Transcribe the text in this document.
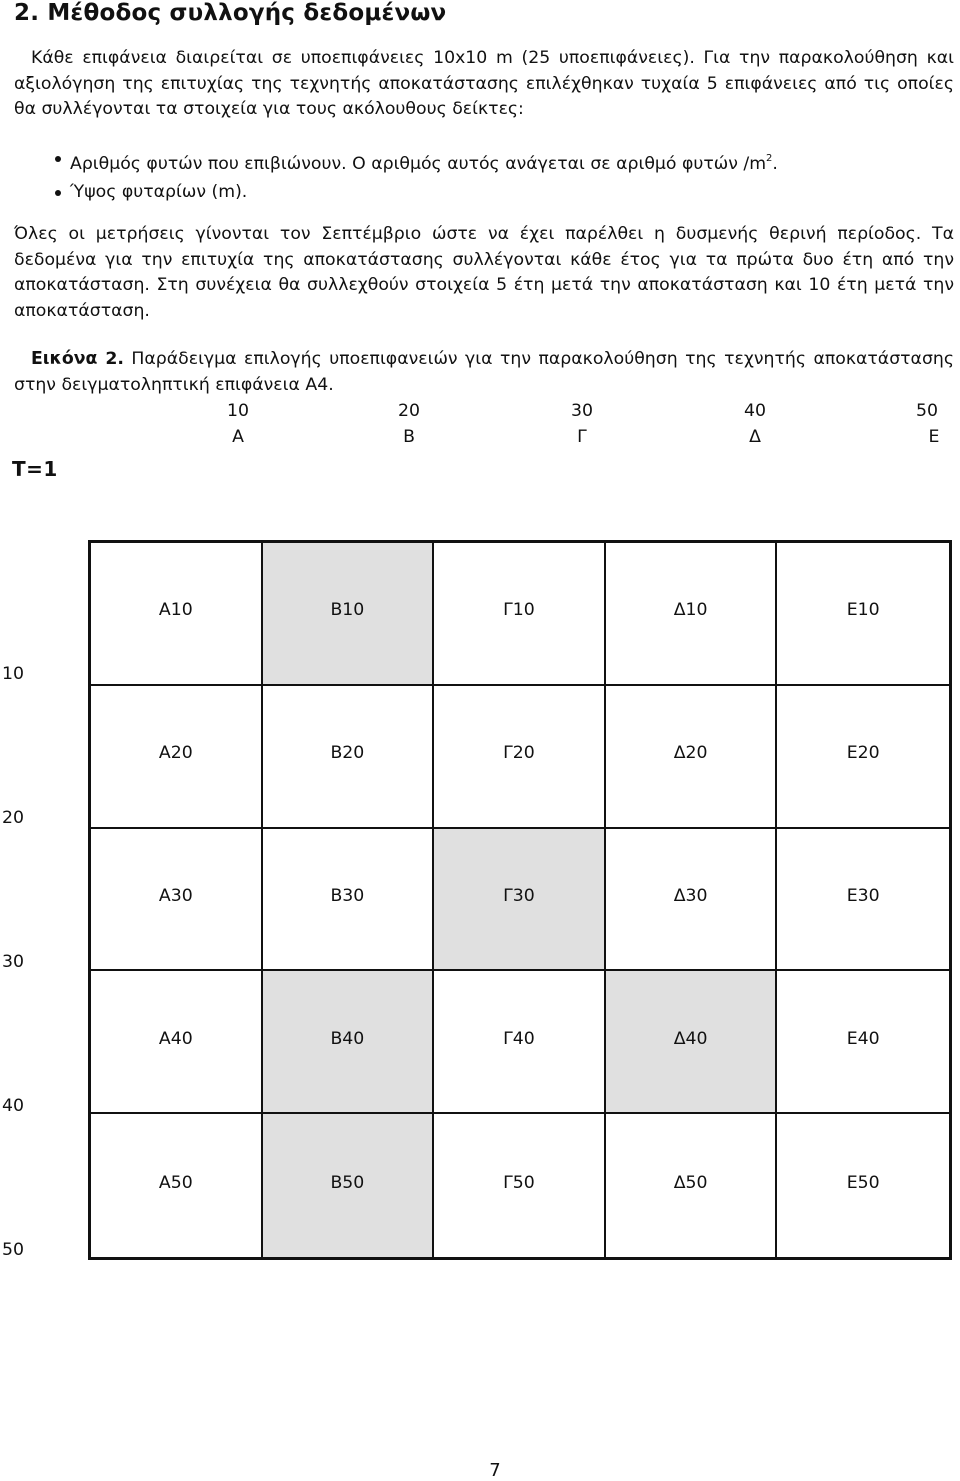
2. Μέθοδος συλλογής δεδομένων
Κάθε επιφάνεια διαιρείται σε υποεπιφάνειες 10x10 m (25 υποεπιφάνειες). Για την παρακολούθηση και αξιολόγηση της επιτυχίας της τεχνητής αποκατάστασης επιλέχθηκαν τυχαία 5 επιφάνειες από τις οποίες θα συλλέγονται τα στοιχεία για τους ακόλουθους δείκτες:
Αριθμός φυτών που επιβιώνουν. Ο αριθμός αυτός ανάγεται σε αριθμό φυτών $/m^2$.
Ύψος φυταρίων (m).
Όλες οι μετρήσεις γίνονται τον Σεπτέμβριο ώστε να έχει παρέλθει η δυσμενής θερινή περίοδος. Τα δεδομένα για την επιτυχία της αποκατάστασης συλλέγονται κάθε έτος για τα πρώτα δυο έτη από την αποκατάσταση. Στη συνέχεια θα συλλεχθούν στοιχεία 5 έτη μετά την αποκατάσταση και 10 έτη μετά την αποκατάσταση.
Εικόνα 2. Παράδειγμα επιλογής υποεπιφανειών για την παρακολούθηση της τεχνητής αποκατάστασης στην δειγματοληπτική επιφάνεια Α4.
10	20	30	40	50
Α	Β	Γ	Δ	Ε
Τ=1
10
20
30
40
50
Α10	Β10	Γ10	Δ10	Ε10
Α20	Β20	Γ20	Δ20	Ε20
Α30	Β30	Γ30	Δ30	Ε30
Α40	Β40	Γ40	Δ40	Ε40
Α50	Β50	Γ50	Δ50	Ε50
7
